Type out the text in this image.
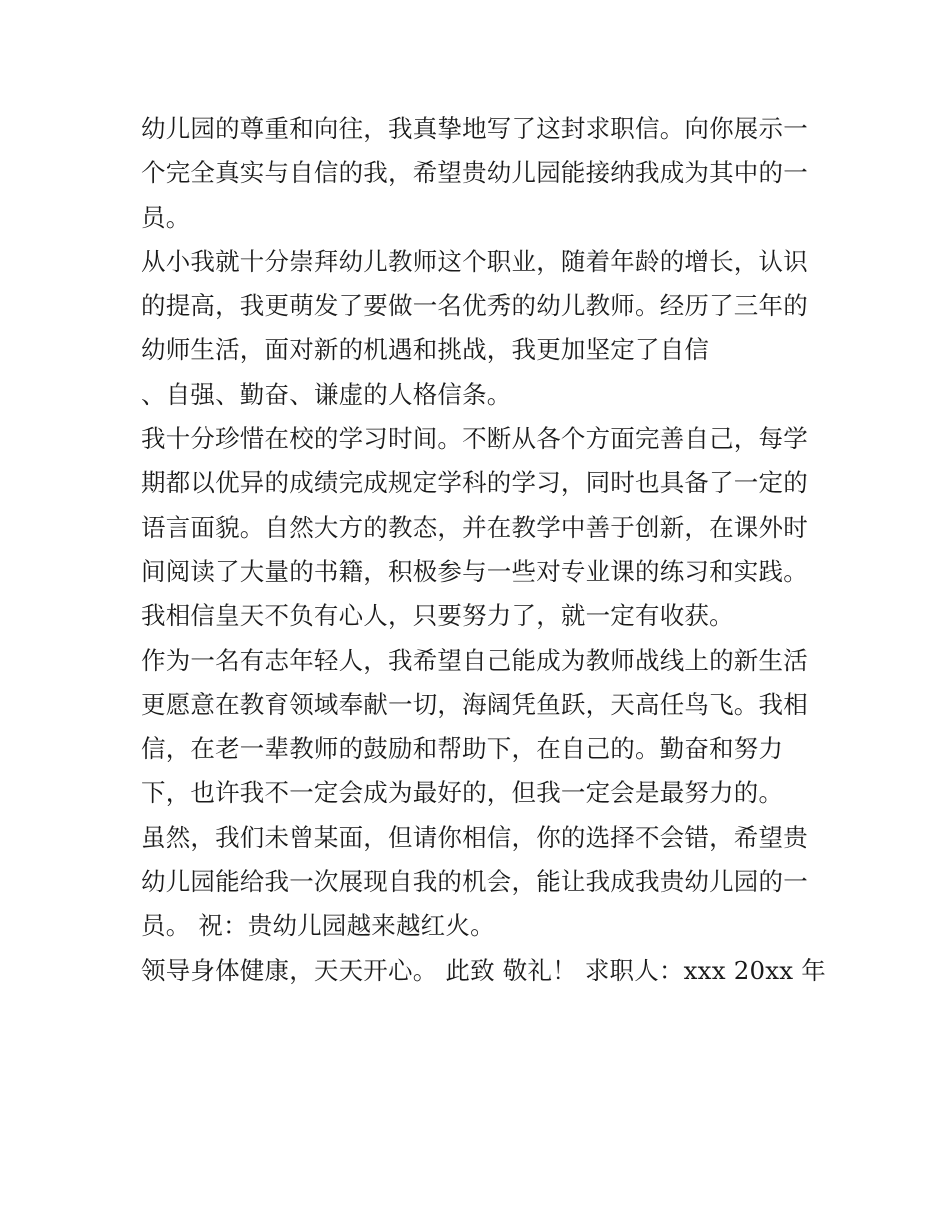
幼儿园的尊重和向往，我真挚地写了这封求职信。向你展示一
个完全真实与自信的我，希望贵幼儿园能接纳我成为其中的一
员。
从小我就十分崇拜幼儿教师这个职业，随着年龄的增长，认识
的提高，我更萌发了要做一名优秀的幼儿教师。经历了三年的
幼师生活，面对新的机遇和挑战，我更加坚定了自信
、自强、勤奋、谦虚的人格信条。
我十分珍惜在校的学习时间。不断从各个方面完善自己，每学
期都以优异的成绩完成规定学科的学习，同时也具备了一定的
语言面貌。自然大方的教态，并在教学中善于创新，在课外时
间阅读了大量的书籍，积极参与一些对专业课的练习和实践。
我相信皇天不负有心人，只要努力了，就一定有收获。
作为一名有志年轻人，我希望自己能成为教师战线上的新生活
更愿意在教育领域奉献一切，海阔凭鱼跃，天高任鸟飞。我相
信，在老一辈教师的鼓励和帮助下，在自己的。勤奋和努力
下，也许我不一定会成为最好的，但我一定会是最努力的。
虽然，我们未曾某面，但请你相信，你的选择不会错，希望贵
幼儿园能给我一次展现自我的机会，能让我成我贵幼儿园的一
员。 祝：贵幼儿园越来越红火。
领导身体健康，天天开心。 此致 敬礼！ 求职人：xxx 20xx 年
